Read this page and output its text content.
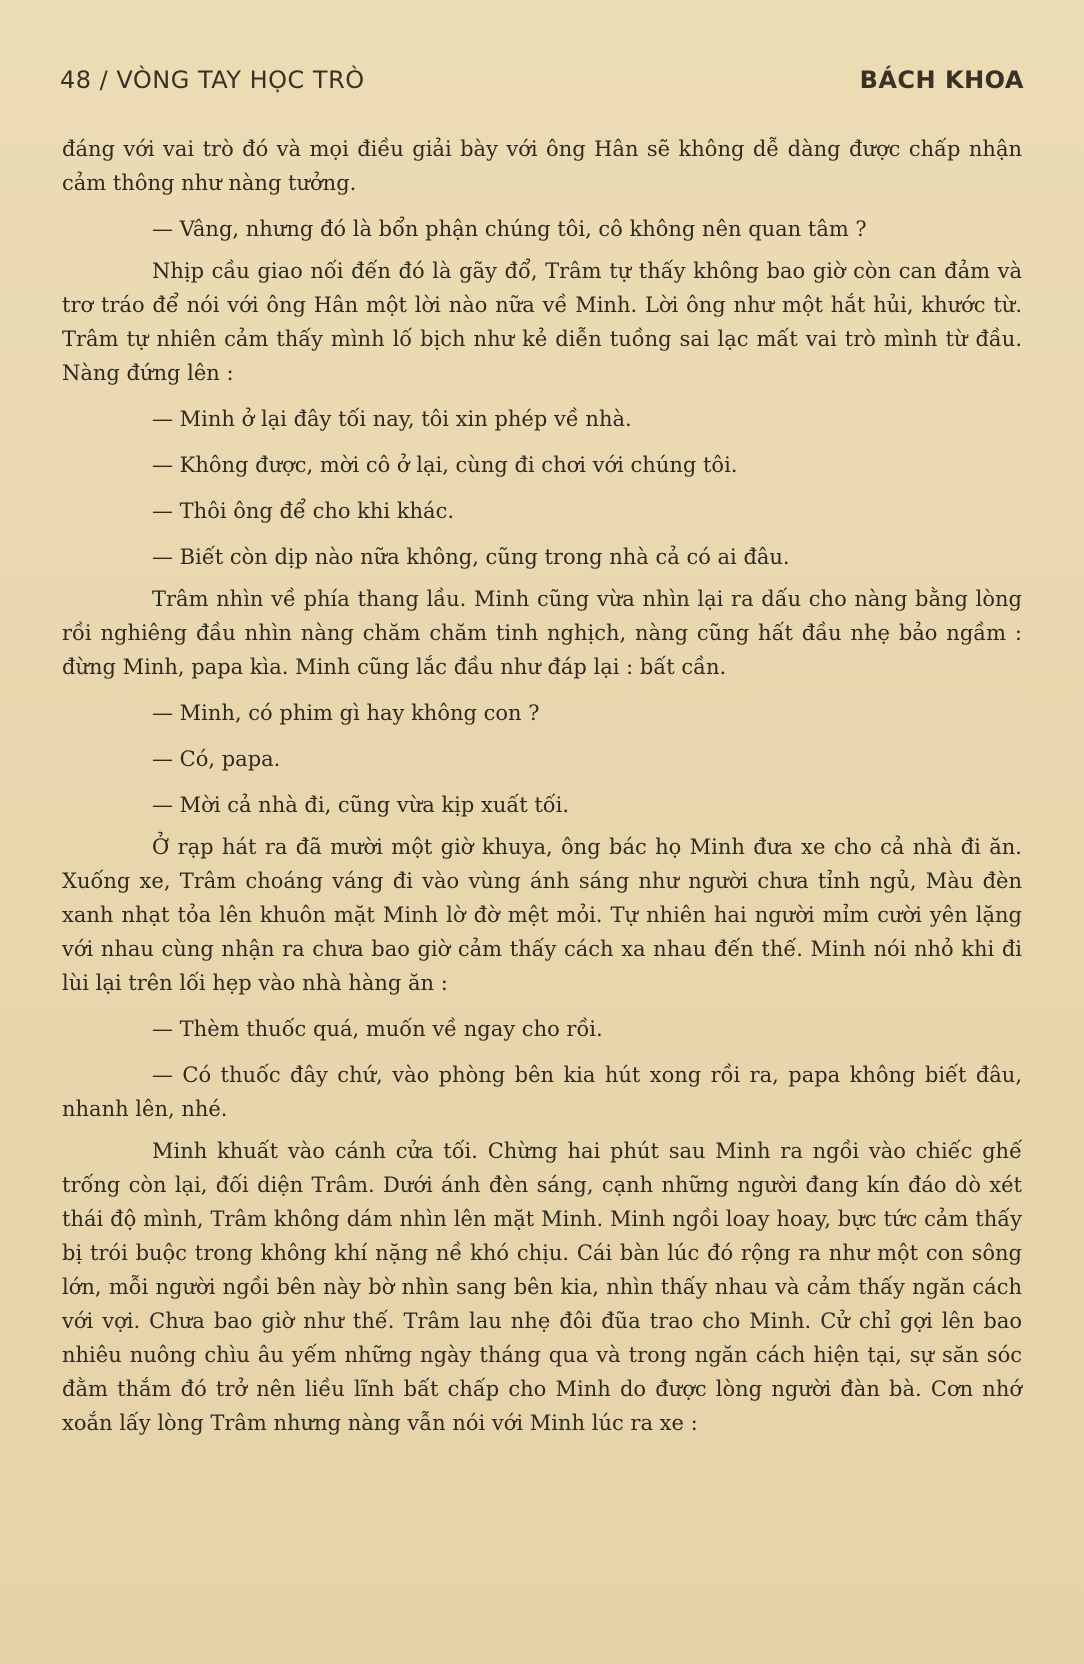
48 / VÒNG TAY HỌC TRÒ	BÁCH KHOA

đáng với vai trò đó và mọi điều giải bày với ông Hân sẽ không dễ dàng được chấp nhận cảm thông như nàng tưởng.

— Vâng, nhưng đó là bổn phận chúng tôi, cô không nên quan tâm ?

Nhịp cầu giao nối đến đó là gãy đổ, Trâm tự thấy không bao giờ còn can đảm và trơ tráo để nói với ông Hân một lời nào nữa về Minh. Lời ông như một hắt hủi, khước từ. Trâm tự nhiên cảm thấy mình lố bịch như kẻ diễn tuồng sai lạc mất vai trò mình từ đầu. Nàng đứng lên :

— Minh ở lại đây tối nay, tôi xin phép về nhà.

— Không được, mời cô ở lại, cùng đi chơi với chúng tôi.

— Thôi ông để cho khi khác.

— Biết còn dịp nào nữa không, cũng trong nhà cả có ai đâu.

Trâm nhìn về phía thang lầu. Minh cũng vừa nhìn lại ra dấu cho nàng bằng lòng rồi nghiêng đầu nhìn nàng chăm chăm tinh nghịch, nàng cũng hất đầu nhẹ bảo ngầm : đừng Minh, papa kìa. Minh cũng lắc đầu như đáp lại : bất cần.

— Minh, có phim gì hay không con ?

— Có, papa.

— Mời cả nhà đi, cũng vừa kịp xuất tối.

Ở rạp hát ra đã mười một giờ khuya, ông bác họ Minh đưa xe cho cả nhà đi ăn. Xuống xe, Trâm choáng váng đi vào vùng ánh sáng như người chưa tỉnh ngủ, Màu đèn xanh nhạt tỏa lên khuôn mặt Minh lờ đờ mệt mỏi. Tự nhiên hai người mỉm cười yên lặng với nhau cùng nhận ra chưa bao giờ cảm thấy cách xa nhau đến thế. Minh nói nhỏ khi đi lùi lại trên lối hẹp vào nhà hàng ăn :

— Thèm thuốc quá, muốn về ngay cho rồi.

— Có thuốc đây chứ, vào phòng bên kia hút xong rồi ra, papa không biết đâu, nhanh lên, nhé.

Minh khuất vào cánh cửa tối. Chừng hai phút sau Minh ra ngồi vào chiếc ghế trống còn lại, đối diện Trâm. Dưới ánh đèn sáng, cạnh những người đang kín đáo dò xét thái độ mình, Trâm không dám nhìn lên mặt Minh. Minh ngồi loay hoay, bực tức cảm thấy bị trói buộc trong không khí nặng nề khó chịu. Cái bàn lúc đó rộng ra như một con sông lớn, mỗi người ngồi bên này bờ nhìn sang bên kia, nhìn thấy nhau và cảm thấy ngăn cách với vợi. Chưa bao giờ như thế. Trâm lau nhẹ đôi đũa trao cho Minh. Cử chỉ gợi lên bao nhiêu nuông chìu âu yếm những ngày tháng qua và trong ngăn cách hiện tại, sự săn sóc đằm thắm đó trở nên liều lĩnh bất chấp cho Minh do được lòng người đàn bà. Cơn nhớ xoắn lấy lòng Trâm nhưng nàng vẫn nói với Minh lúc ra xe :
